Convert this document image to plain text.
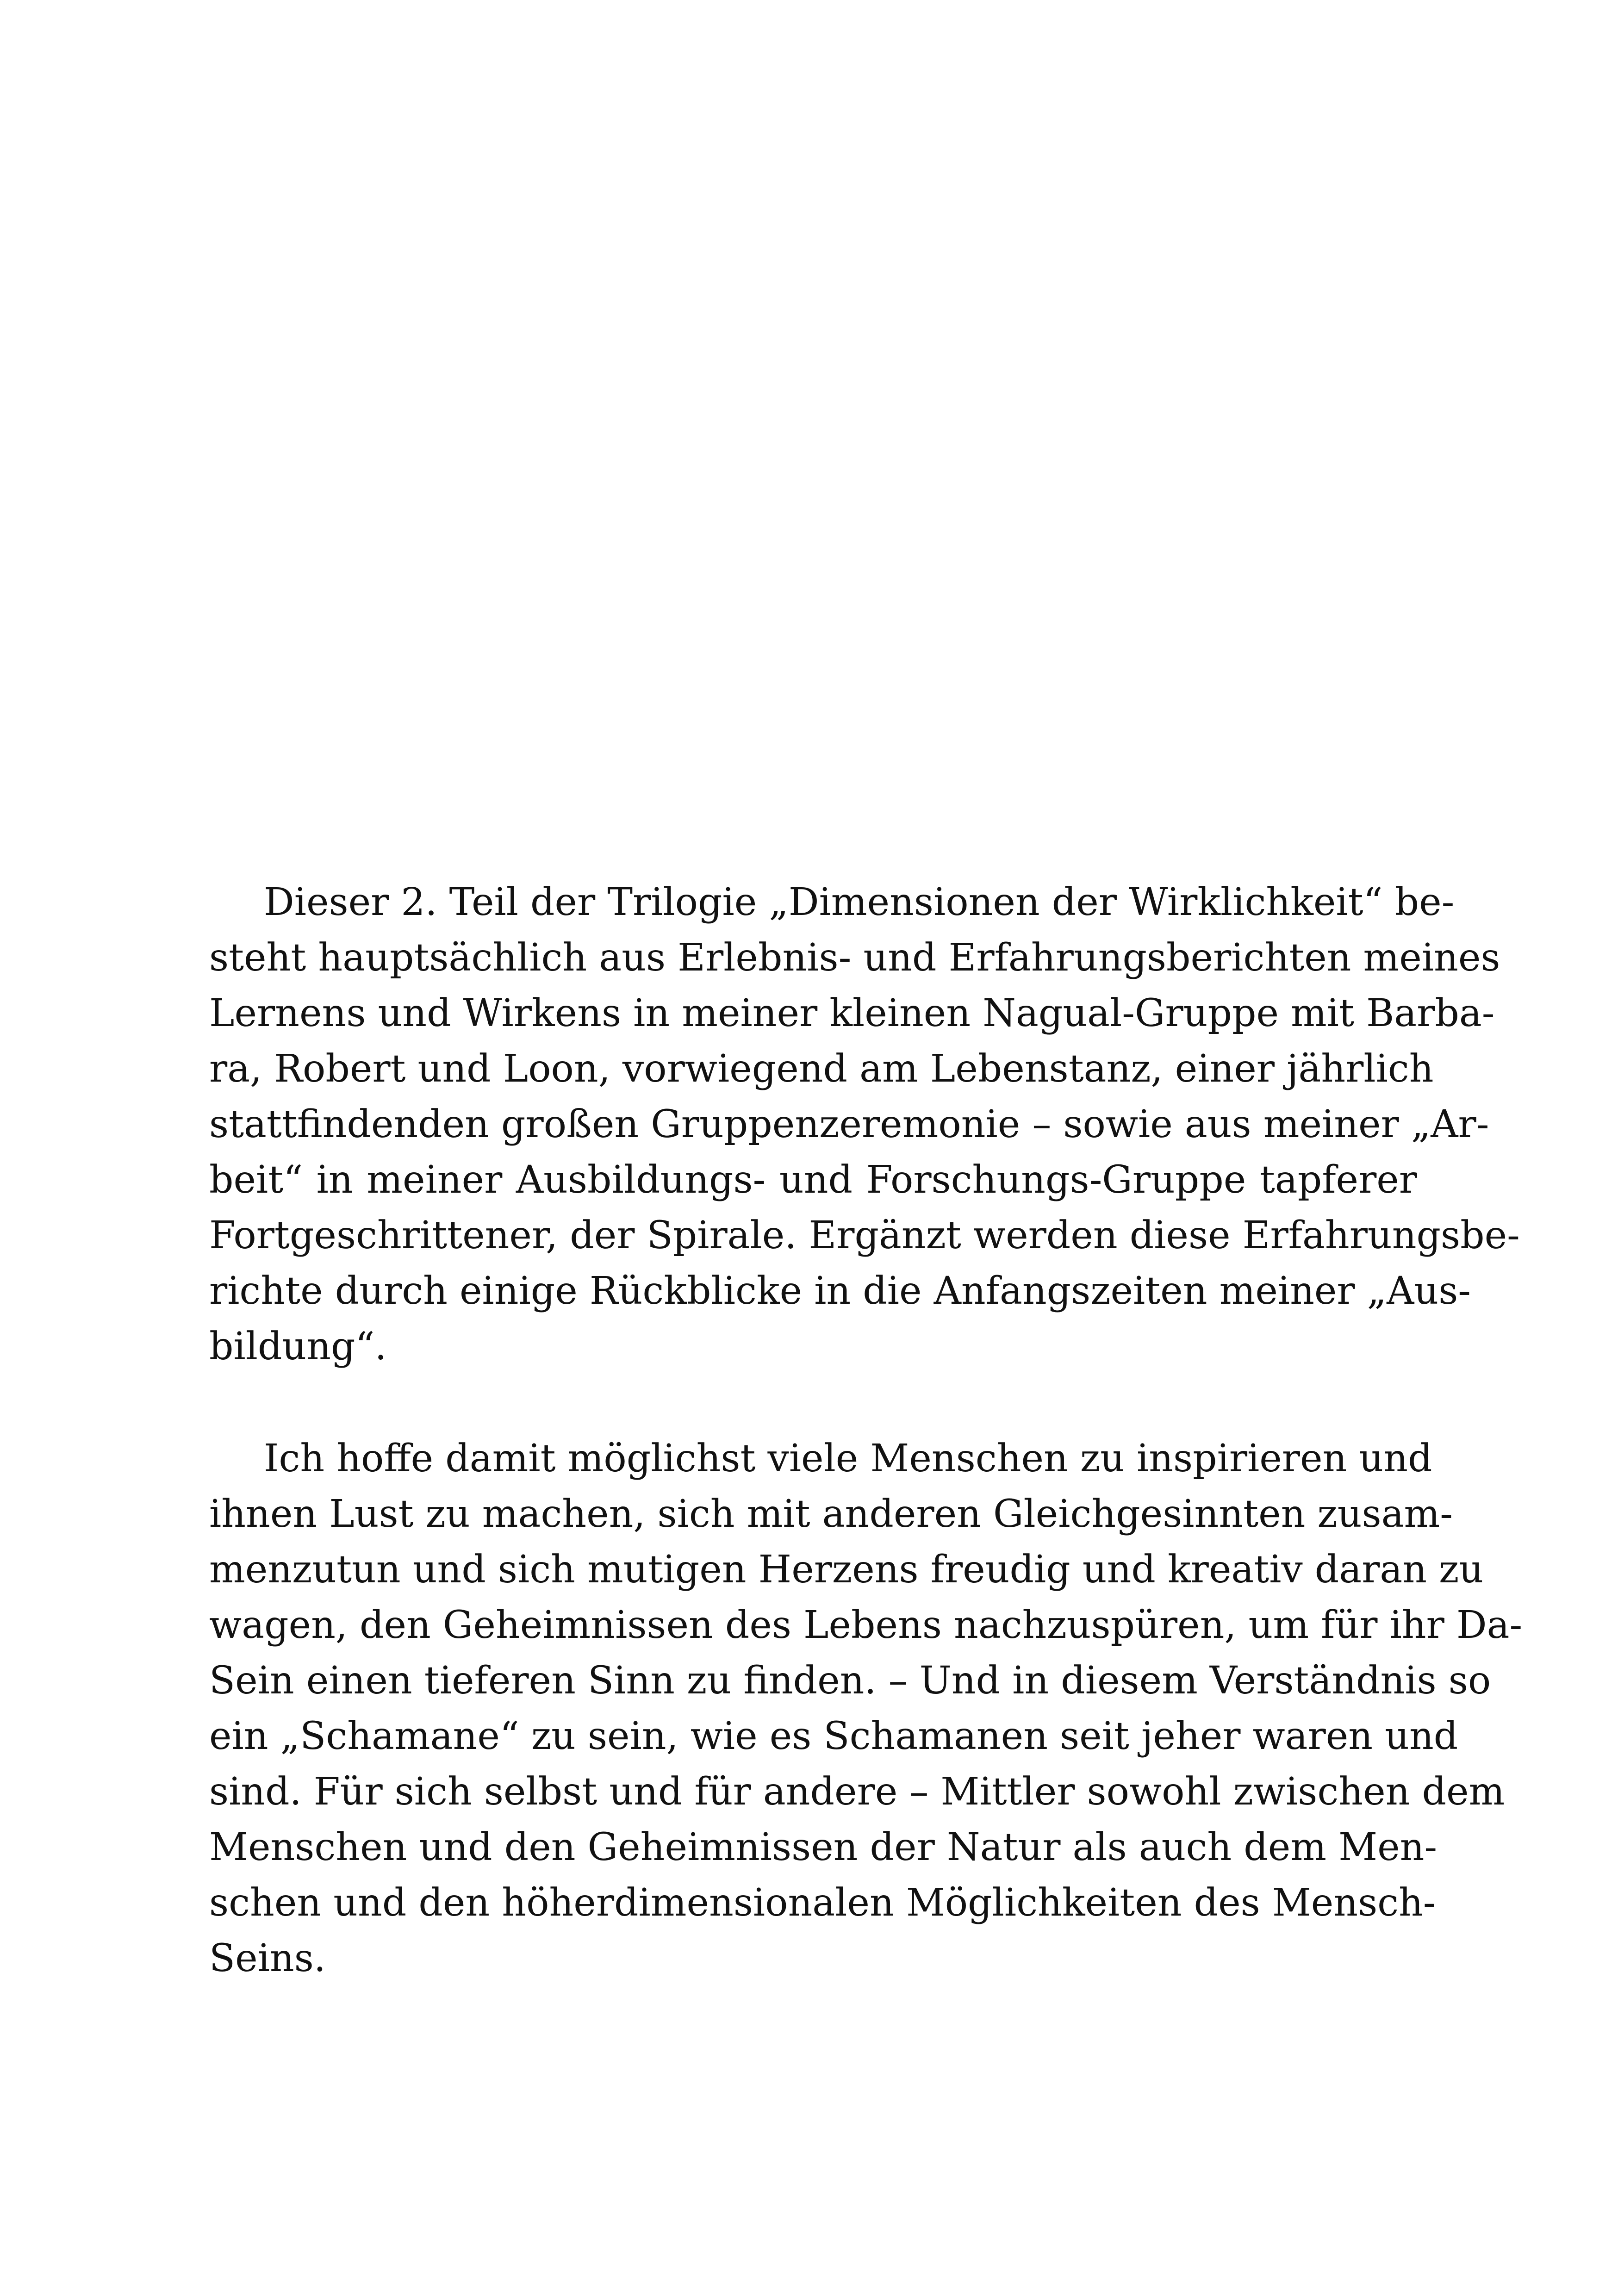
Dieser 2. Teil der Trilogie „Dimensionen der Wirklichkeit“ be-
steht hauptsächlich aus Erlebnis- und Erfahrungsberichten meines
Lernens und Wirkens in meiner kleinen Nagual-Gruppe mit Barba-
ra, Robert und Loon, vorwiegend am Lebenstanz, einer jährlich
stattfindenden großen Gruppenzeremonie – sowie aus meiner „Ar-
beit“ in meiner Ausbildungs- und Forschungs-Gruppe tapferer
Fortgeschrittener, der Spirale. Ergänzt werden diese Erfahrungsbe-
richte durch einige Rückblicke in die Anfangszeiten meiner „Aus-
bildung“.
Ich hoffe damit möglichst viele Menschen zu inspirieren und
ihnen Lust zu machen, sich mit anderen Gleichgesinnten zusam-
menzutun und sich mutigen Herzens freudig und kreativ daran zu
wagen, den Geheimnissen des Lebens nachzuspüren, um für ihr Da-
Sein einen tieferen Sinn zu finden. – Und in diesem Verständnis so
ein „Schamane“ zu sein, wie es Schamanen seit jeher waren und
sind. Für sich selbst und für andere – Mittler sowohl zwischen dem
Menschen und den Geheimnissen der Natur als auch dem Men-
schen und den höherdimensionalen Möglichkeiten des Mensch-
Seins.
